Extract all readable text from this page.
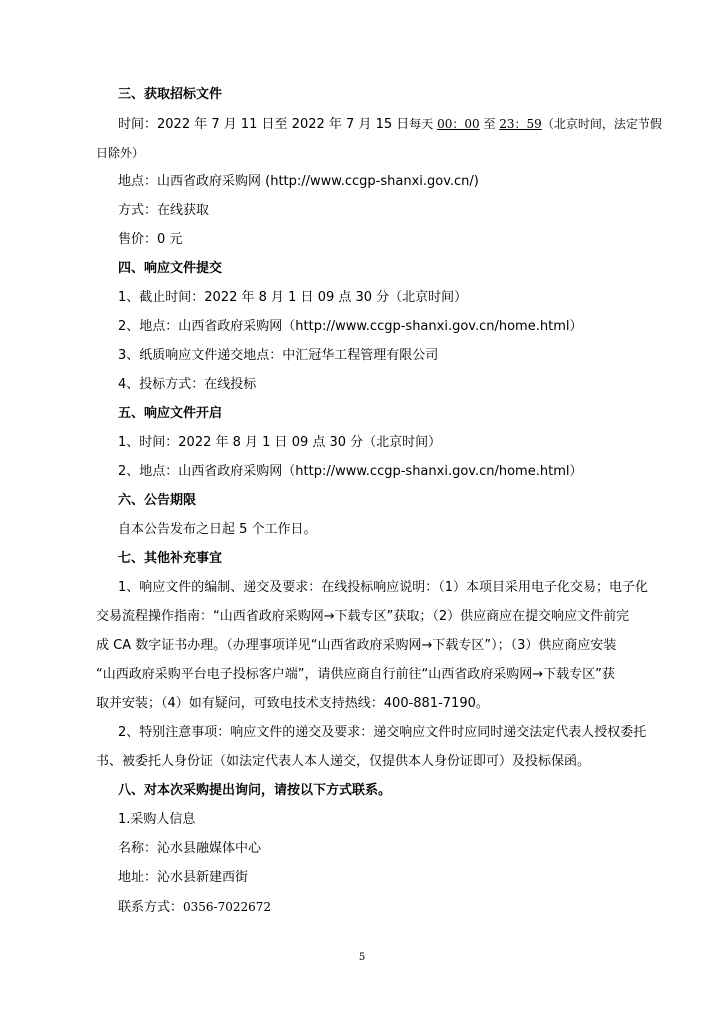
三、获取招标文件
时间：2022 年 7 月 11 日至 2022 年 7 月 15 日每天 00：00 至 23：59（北京时间，法定节假
日除外）
地点：山西省政府采购网 (http://www.ccgp-shanxi.gov.cn/)
方式：在线获取
售价：0 元
四、响应文件提交
1、截止时间：2022 年 8 月 1 日 09 点 30 分（北京时间）
2、地点：山西省政府采购网（http://www.ccgp-shanxi.gov.cn/home.html）
3、纸质响应文件递交地点：中汇冠华工程管理有限公司
4、投标方式：在线投标
五、响应文件开启
1、时间：2022 年 8 月 1 日 09 点 30 分（北京时间）
2、地点：山西省政府采购网（http://www.ccgp-shanxi.gov.cn/home.html）
六、公告期限
自本公告发布之日起 5 个工作日。
七、其他补充事宜
1、响应文件的编制、递交及要求：在线投标响应说明：（1）本项目采用电子化交易；电子化
交易流程操作指南：“山西省政府采购网→下载专区”获取；（2）供应商应在提交响应文件前完
成 CA 数字证书办理。（办理事项详见“山西省政府采购网→下载专区”）；（3）供应商应安装
“山西政府采购平台电子投标客户端”，请供应商自行前往“山西省政府采购网→下载专区”获
取并安装；（4）如有疑问，可致电技术支持热线：400-881-7190。
2、特别注意事项：响应文件的递交及要求：递交响应文件时应同时递交法定代表人授权委托
书、被委托人身份证（如法定代表人本人递交，仅提供本人身份证即可）及投标保函。
八、对本次采购提出询问，请按以下方式联系。
1.采购人信息
名称：沁水县融媒体中心
地址：沁水县新建西街
联系方式：0356-7022672
5
